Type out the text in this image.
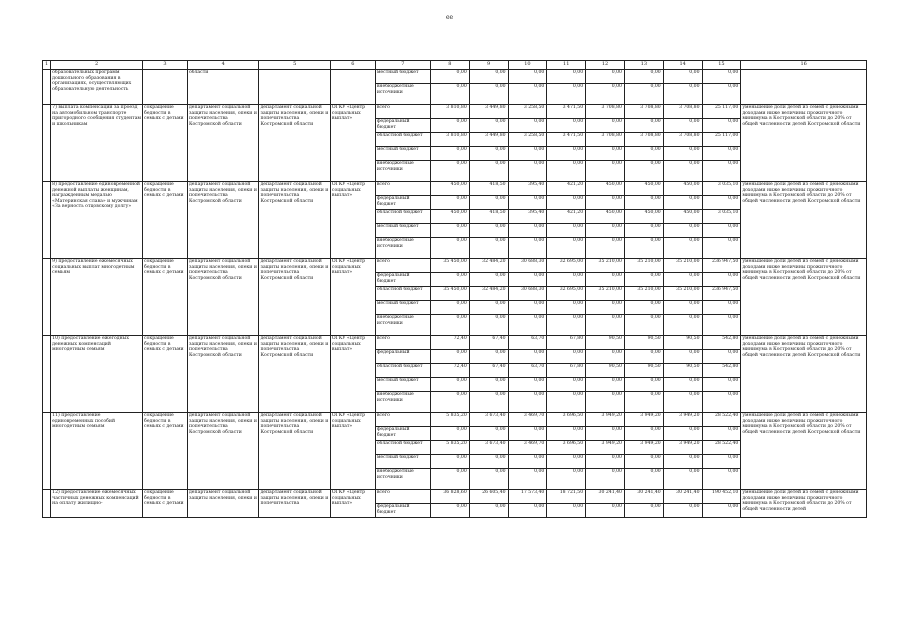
ee
1	2	3	4	5	6	7	8	9	10	11	12	13	14	15	16
	образовательных программ дошкольного образования в организациях, осуществляющих образовательную деятельность		области			местный бюджет	0,00	0,00	0,00	0,00	0,00	0,00	0,00	0,00	
						внебюджетные источники	0,00	0,00	0,00	0,00	0,00	0,00	0,00	0,00	
	7) выплата компенсации за проезд на автомобильном транспорте пригородного сообщения студентам и школьникам	сокращение бедности в семьях с детьми	департамент социальной защиты населения, опеки и попечительства Костромской области	департамент социальной защиты населения, опеки и попечительства Костромской области	ОГКУ «Центр социальных выплат»	всего	3 810,80	3 449,80	3 258,50	3 471,50	3 708,80	3 708,80	3 708,80	25 117,00	уменьшение доли детей из семей с денежными доходами ниже величины прожиточного минимума в Костромской области до 20% от общей численности детей Костромской области
						федеральный бюджет	0,00	0,00	0,00	0,00	0,00	0,00	0,00	0,00	
						областной бюджет	3 810,80	3 449,80	3 258,50	3 471,50	3 708,80	3 708,80	3 708,80	25 117,00	
						местный бюджет	0,00	0,00	0,00	0,00	0,00	0,00	0,00	0,00	
						внебюджетные источники	0,00	0,00	0,00	0,00	0,00	0,00	0,00	0,00	
	8) предоставление единовременной денежной выплаты женщинам, награжденным медалью «Материнская слава» и мужчинам «За верность отцовскому долгу»	сокращение бедности в семьях с детьми	департамент социальной защиты населения, опеки и попечительства Костромской области	департамент социальной защиты населения, опеки и попечительства Костромской области	ОГКУ «Центр социальных выплат»	всего	450,00	418,50	395,40	421,20	450,00	450,00	450,00	3 035,10	уменьшение доли детей из семей с денежными доходами ниже величины прожиточного минимума в Костромской области до 20% от общей численности детей Костромской области
						федеральный бюджет	0,00	0,00	0,00	0,00	0,00	0,00	0,00	0,00	
						областной бюджет	450,00	418,50	395,40	421,20	450,00	450,00	450,00	3 035,10	
						местный бюджет	0,00	0,00	0,00	0,00	0,00	0,00	0,00	0,00	
						внебюджетные источники	0,00	0,00	0,00	0,00	0,00	0,00	0,00	0,00	
	9) предоставление ежемесячных социальных выплат многодетным семьям	сокращение бедности в семьях с детьми	департамент социальной защиты населения, опеки и попечительства Костромской области	департамент социальной защиты населения, опеки и попечительства Костромской области	ОГКУ «Центр социальных выплат»	всего	35 450,00	32 484,20	30 688,30	32 695,00	35 210,00	35 210,00	35 210,00	236 947,50	уменьшение доли детей из семей с денежными доходами ниже величины прожиточного минимума в Костромской области до 20% от общей численности детей Костромской области
						федеральный бюджет	0,00	0,00	0,00	0,00	0,00	0,00	0,00	0,00	
						областной бюджет	35 450,00	32 484,20	30 688,30	32 695,00	35 210,00	35 210,00	35 210,00	236 947,50	
						местный бюджет	0,00	0,00	0,00	0,00	0,00	0,00	0,00	0,00	
						внебюджетные источники	0,00	0,00	0,00	0,00	0,00	0,00	0,00	0,00	
	10) предоставление ежегодных денежных компенсаций многодетным семьям	сокращение бедности в семьях с детьми	департамент социальной защиты населения, опеки и попечительства Костромской области	департамент социальной защиты населения, опеки и попечительства Костромской области	ОГКУ «Центр социальных выплат»	всего	72,40	67,40	63,70	67,80	90,50	90,50	90,50	542,80	уменьшение доли детей из семей с денежными доходами ниже величины прожиточного минимума в Костромской области до 20% от общей численности детей Костромской области
						федеральный	0,00	0,00	0,00	0,00	0,00	0,00	0,00	0,00	
						областной бюджет	72,40	67,40	63,70	67,80	90,50	90,50	90,50	542,80	
						местный бюджет	0,00	0,00	0,00	0,00	0,00	0,00	0,00	0,00	
						внебюджетные источники	0,00	0,00	0,00	0,00	0,00	0,00	0,00	0,00	
	11) предоставление единовременных пособий многодетным семьям	сокращение бедности в семьях с детьми	департамент социальной защиты населения, опеки и попечительства Костромской области	департамент социальной защиты населения, опеки и попечительства Костромской области	ОГКУ «Центр социальных выплат»	всего	5 835,20	3 673,40	3 469,70	3 696,50	3 949,20	3 949,20	3 949,20	28 522,40	уменьшение доли детей из семей с денежными доходами ниже величины прожиточного минимума в Костромской области до 20% от общей численности детей Костромской области
						федеральный бюджет	0,00	0,00	0,00	0,00	0,00	0,00	0,00	0,00	
						областной бюджет	5 835,20	3 673,40	3 469,70	3 696,50	3 949,20	3 949,20	3 949,20	28 522,40	
						местный бюджет	0,00	0,00	0,00	0,00	0,00	0,00	0,00	0,00	
						внебюджетные источники	0,00	0,00	0,00	0,00	0,00	0,00	0,00	0,00	
	12) предоставление ежемесячных частичных денежных компенсаций на оплату жилищно-	сокращение бедности в семьях с детьми	департамент социальной защиты населения, опеки и	департамент социальной защиты населения, опеки и попечительства	ОГКУ «Центр социальных выплат»	всего	36 828,60	26 605,40	17 573,40	18 721,50	30 241,40	30 241,40	30 241,40	190 452,10	уменьшение доли детей из семей с денежными доходами ниже величины прожиточного минимума в Костромской области до 20% от общей численности детей
						федеральный бюджет	0,00	0,00	0,00	0,00	0,00	0,00	0,00	0,00	
